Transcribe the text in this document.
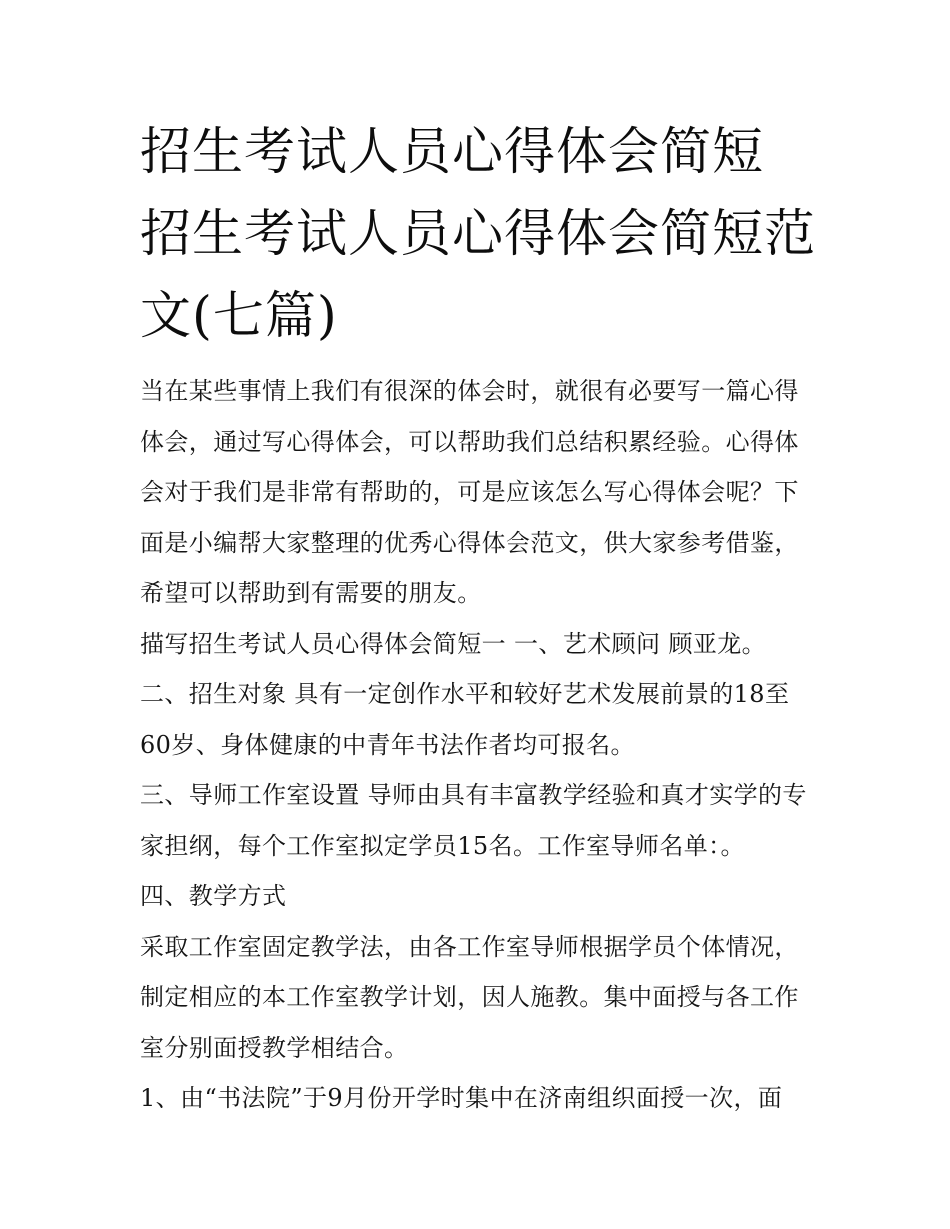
招生考试人员心得体会简短 招生考试人员心得体会简短范文(七篇)

当在某些事情上我们有很深的体会时，就很有必要写一篇心得体会，通过写心得体会，可以帮助我们总结积累经验。心得体会对于我们是非常有帮助的，可是应该怎么写心得体会呢？下面是小编帮大家整理的优秀心得体会范文，供大家参考借鉴，希望可以帮助到有需要的朋友。

描写招生考试人员心得体会简短一 一、艺术顾问 顾亚龙。

二、招生对象 具有一定创作水平和较好艺术发展前景的18至60岁、身体健康的中青年书法作者均可报名。

三、导师工作室设置 导师由具有丰富教学经验和真才实学的专家担纲，每个工作室拟定学员15名。工作室导师名单：。

四、教学方式

采取工作室固定教学法，由各工作室导师根据学员个体情况，制定相应的本工作室教学计划，因人施教。集中面授与各工作室分别面授教学相结合。

1、由“书法院”于9月份开学时集中在济南组织面授一次，面
